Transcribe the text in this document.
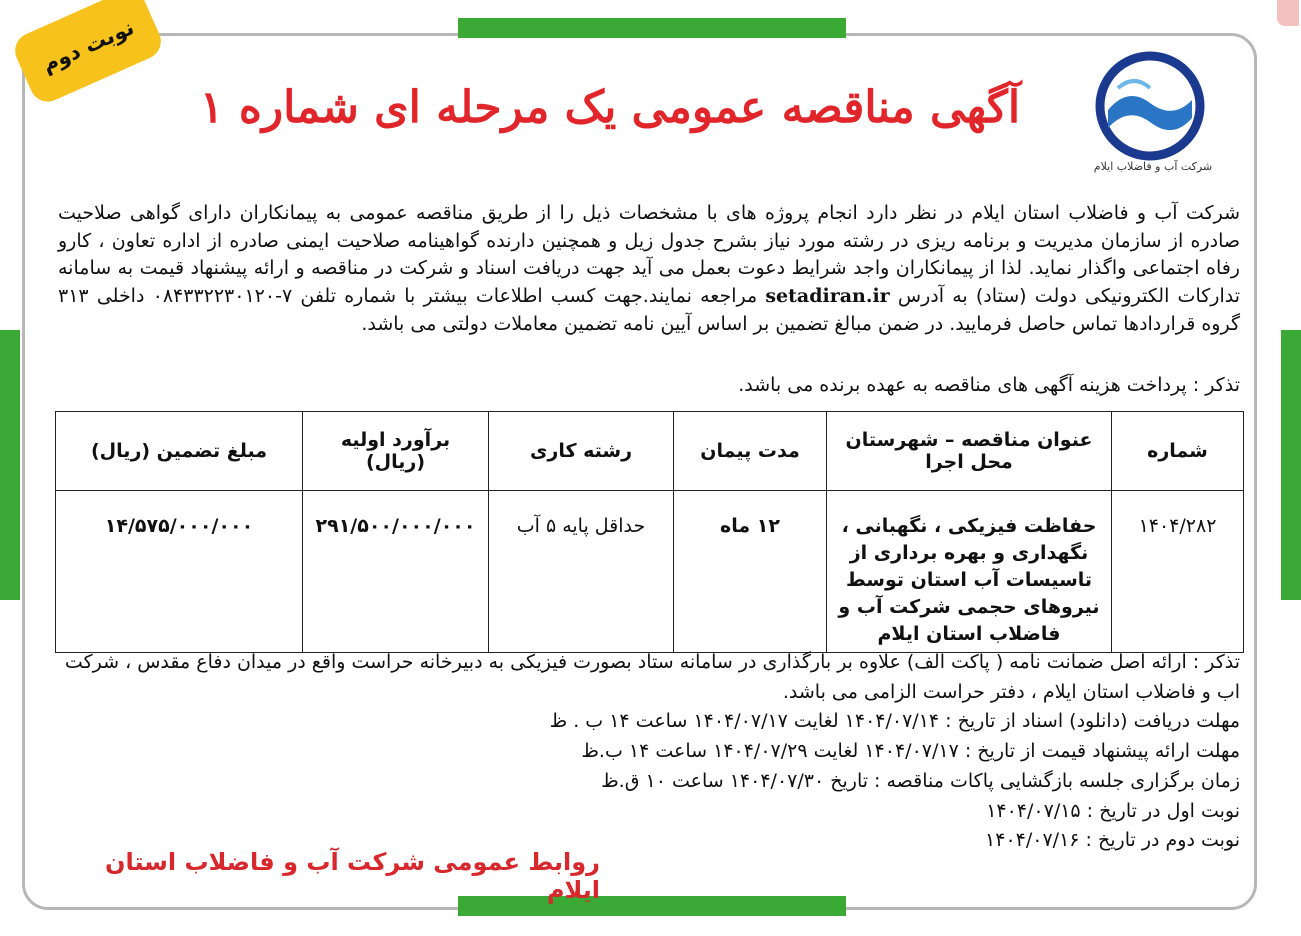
نوبت دوم
شرکت آب و فاضلاب ایلام
آگهی مناقصه عمومی یک مرحله ای شماره ۱
شرکت آب و فاضلاب استان ایلام در نظر دارد انجام پروژه های با مشخصات ذیل را از طریق مناقصه عمومی به پیمانکاران دارای گواهی صلاحیت صادره از سازمان مدیریت و برنامه ریزی در رشته مورد نیاز بشرح جدول زیل و همچنین دارنده گواهینامه صلاحیت ایمنی صادره از اداره تعاون ، کارو رفاه اجتماعی واگذار نماید. لذا از پیمانکاران واجد شرایط دعوت بعمل می آید جهت دریافت اسناد و شرکت در مناقصه و ارائه پیشنهاد قیمت به سامانه تدارکات الکترونیکی دولت (ستاد) به آدرس setadiran.ir مراجعه نمایند.جهت کسب اطلاعات بیشتر با شماره تلفن ۷-۰۸۴۳۳۲۲۳۰۱۲۰ داخلی ۳۱۳ گروه قراردادها تماس حاصل فرمایید. در ضمن مبالغ تضمین بر اساس آیین نامه تضمین معاملات دولتی می باشد.
تذکر : پرداخت هزینه آگهی های مناقصه به عهده برنده می باشد.
شماره	عنوان مناقصه – شهرستان محل اجرا	مدت پیمان	رشته کاری	برآورد اولیه (ریال)	مبلغ تضمین (ریال)
۱۴۰۴/۲۸۲	حفاظت فیزیکی ، نگهبانی ، نگهداری و بهره برداری از تاسیسات آب استان توسط نیروهای حجمی شرکت آب و فاضلاب استان ایلام	۱۲ ماه	حداقل پایه ۵ آب	۲۹۱/۵۰۰/۰۰۰/۰۰۰	۱۴/۵۷۵/۰۰۰/۰۰۰

تذکر : ارائه اصل ضمانت نامه ( پاکت الف) علاوه بر بارگذاری در سامانه ستاد بصورت فیزیکی به دبیرخانه حراست واقع در میدان دفاع مقدس ، شرکت اب و فاضلاب استان ایلام ، دفتر حراست الزامی می باشد.

مهلت دریافت (دانلود) اسناد از تاریخ : ۱۴۰۴/۰۷/۱۴ لغایت ۱۴۰۴/۰۷/۱۷ ساعت ۱۴ ب . ظ

مهلت ارائه پیشنهاد قیمت از تاریخ : ۱۴۰۴/۰۷/۱۷ لغایت ۱۴۰۴/۰۷/۲۹ ساعت ۱۴ ب.ظ

زمان برگزاری جلسه بازگشایی پاکات مناقصه : تاریخ ۱۴۰۴/۰۷/۳۰ ساعت ۱۰ ق.ظ

نوبت اول در تاریخ : ۱۴۰۴/۰۷/۱۵

نوبت دوم در تاریخ : ۱۴۰۴/۰۷/۱۶

روابط عمومی شرکت آب و فاضلاب استان ایلام
